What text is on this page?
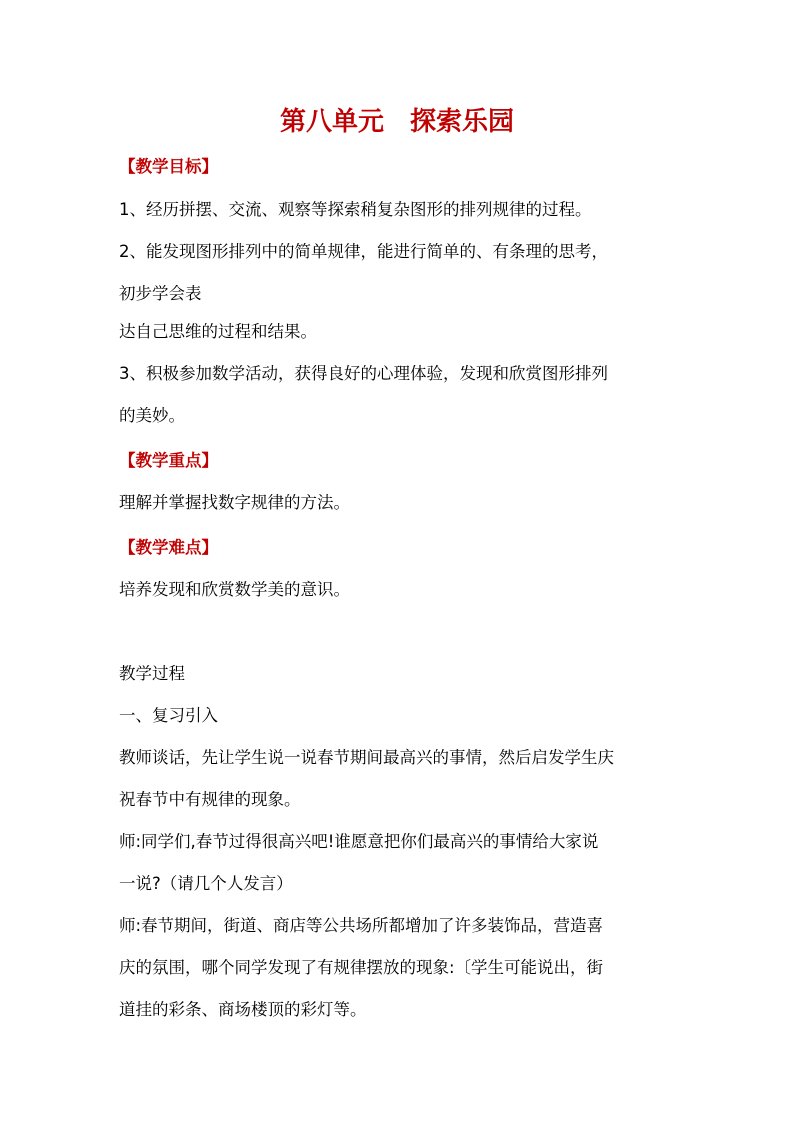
第八单元　探索乐园
【教学目标】
1、经历拼摆、交流、观察等探索稍复杂图形的排列规律的过程。
2、能发现图形排列中的简单规律，能进行简单的、有条理的思考，
初步学会表
达自己思维的过程和结果。
3、积极参加数学活动，获得良好的心理体验，发现和欣赏图形排列
的美妙。
【教学重点】
理解并掌握找数字规律的方法。
【教学难点】
培养发现和欣赏数学美的意识。
教学过程
一、复习引入
教师谈话，先让学生说一说春节期间最高兴的事情，然后启发学生庆
祝春节中有规律的现象。
师:同学们,春节过得很高兴吧!谁愿意把你们最高兴的事情给大家说
一说?（请几个人发言）
师:春节期间，街道、商店等公共场所都增加了许多装饰品，营造喜
庆的氛围，哪个同学发现了有规律摆放的现象:〔学生可能说出，街
道挂的彩条、商场楼顶的彩灯等。
